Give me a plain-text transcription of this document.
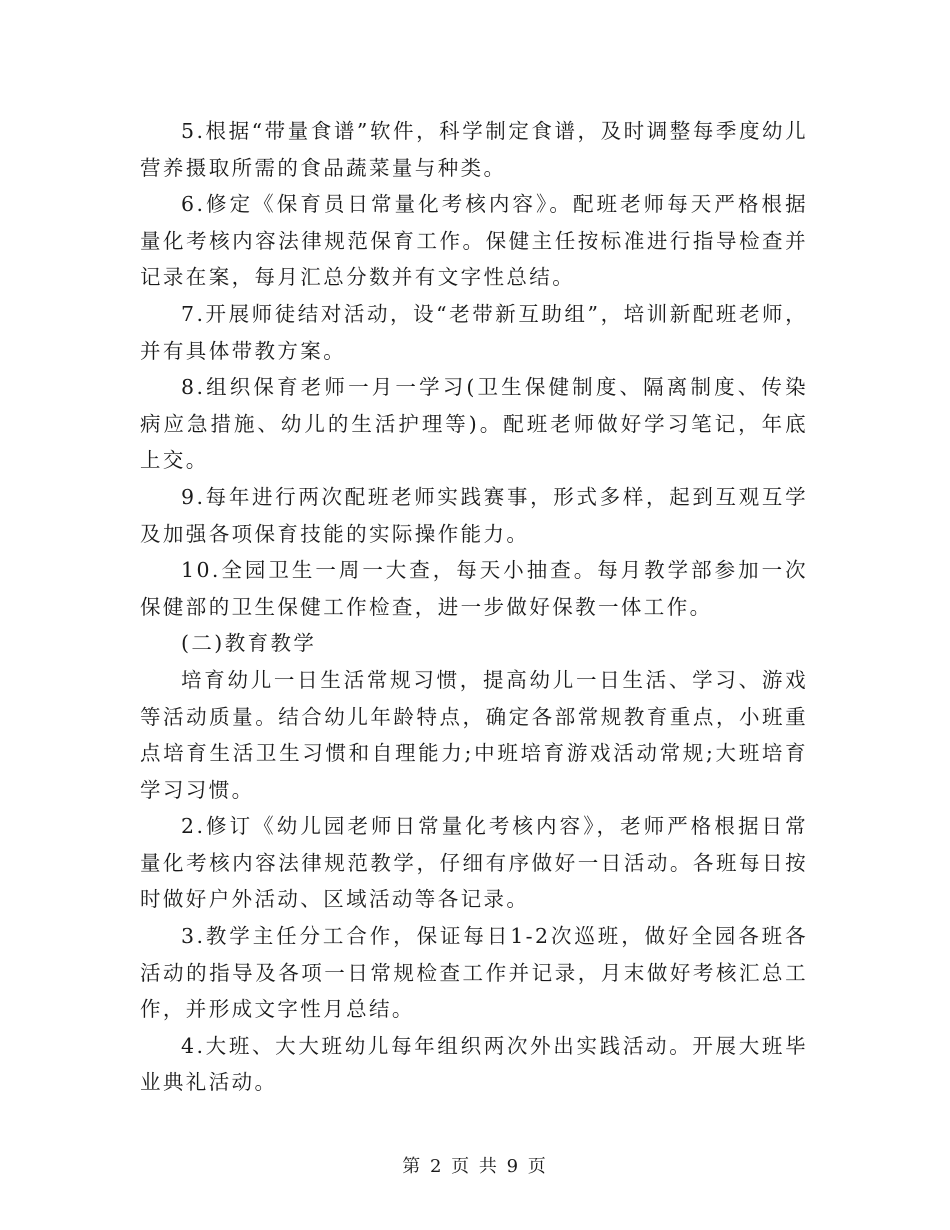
5.根据“带量食谱”软件，科学制定食谱，及时调整每季度幼儿营养摄取所需的食品蔬菜量与种类。

6.修定《保育员日常量化考核内容》。配班老师每天严格根据量化考核内容法律规范保育工作。保健主任按标准进行指导检查并记录在案，每月汇总分数并有文字性总结。

7.开展师徒结对活动，设“老带新互助组”，培训新配班老师，并有具体带教方案。

8.组织保育老师一月一学习(卫生保健制度、隔离制度、传染病应急措施、幼儿的生活护理等)。配班老师做好学习笔记，年底上交。

9.每年进行两次配班老师实践赛事，形式多样，起到互观互学及加强各项保育技能的实际操作能力。

10.全园卫生一周一大查，每天小抽查。每月教学部参加一次保健部的卫生保健工作检查，进一步做好保教一体工作。

(二)教育教学

培育幼儿一日生活常规习惯，提高幼儿一日生活、学习、游戏等活动质量。结合幼儿年龄特点，确定各部常规教育重点，小班重点培育生活卫生习惯和自理能力;中班培育游戏活动常规;大班培育学习习惯。

2.修订《幼儿园老师日常量化考核内容》，老师严格根据日常量化考核内容法律规范教学，仔细有序做好一日活动。各班每日按时做好户外活动、区域活动等各记录。

3.教学主任分工合作，保证每日1-2次巡班，做好全园各班各活动的指导及各项一日常规检查工作并记录，月末做好考核汇总工作，并形成文字性月总结。

4.大班、大大班幼儿每年组织两次外出实践活动。开展大班毕业典礼活动。

第 2 页 共 9 页
